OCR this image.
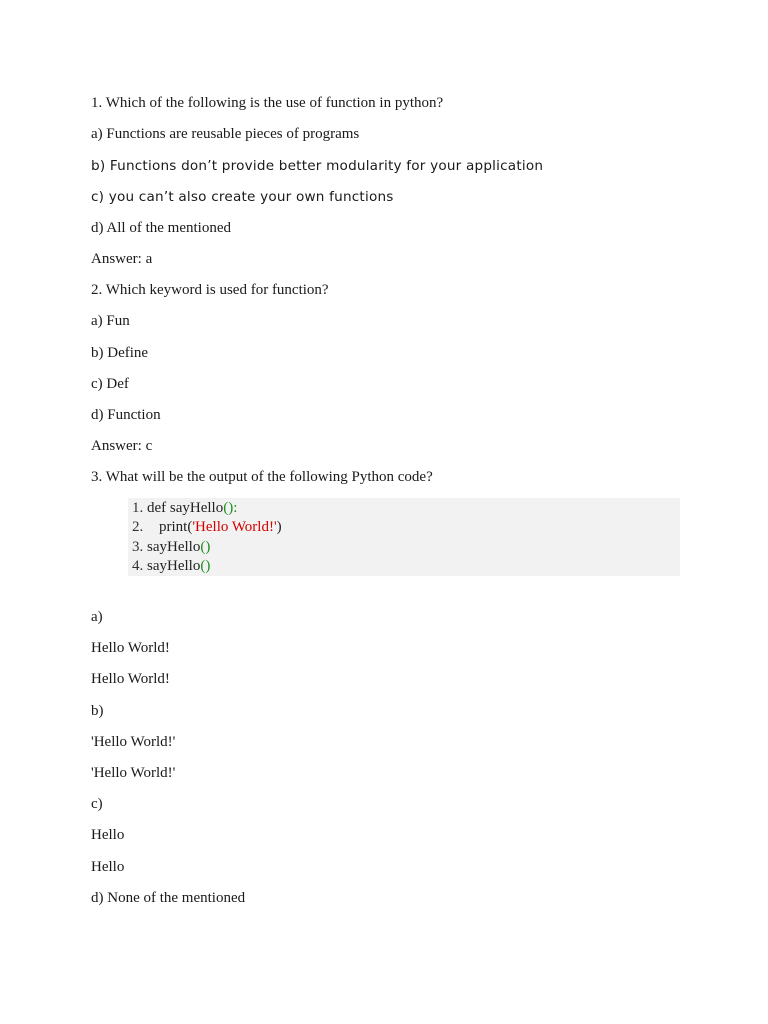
1. Which of the following is the use of function in python?
a) Functions are reusable pieces of programs
b) Functions don’t provide better modularity for your application
c) you can’t also create your own functions
d) All of the mentioned
Answer: a
2. Which keyword is used for function?
a) Fun
b) Define
c) Def
d) Function
Answer: c
3. What will be the output of the following Python code?
1. def sayHello():
2. print('Hello World!')
3. sayHello()
4. sayHello()
a)
Hello World!
Hello World!
b)
'Hello World!'
'Hello World!'
c)
Hello
Hello
d) None of the mentioned
